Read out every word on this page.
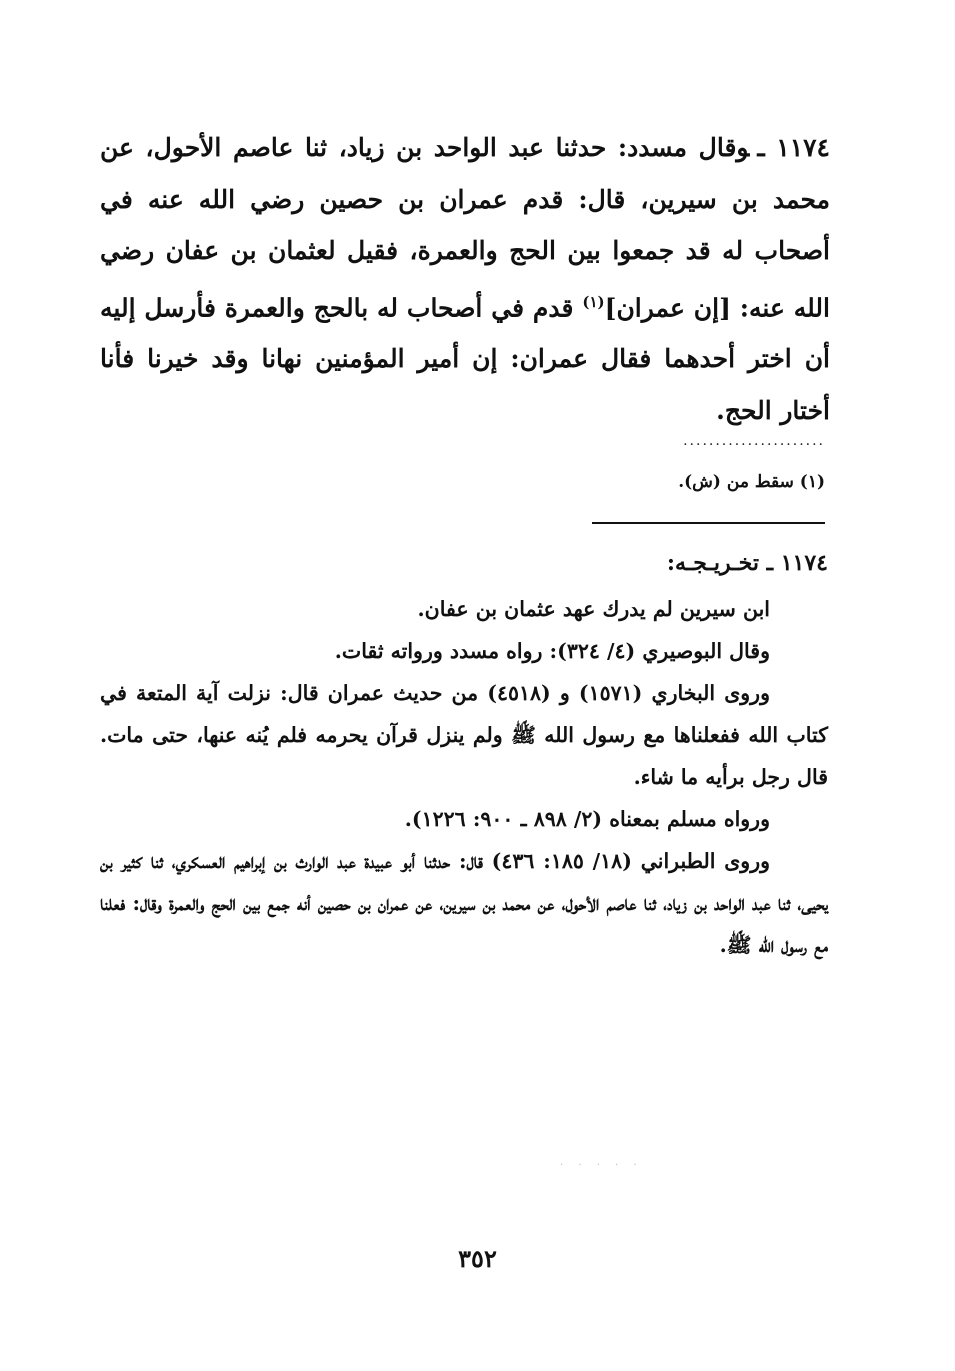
١١٧٤ ـوقال مسدد: حدثنا عبد الواحد بن زياد، ثنا عاصم الأحول، عن محمد بن سيرين، قال: قدم عمران بن حصين رضي الله عنه في أصحاب له قد جمعوا بين الحج والعمرة، فقيل لعثمان بن عفان رضي الله عنه: [إن عمران]$^{(١)}$ قدم في أصحاب له بالحج والعمرة فأرسل إليه أن اختر أحدهما فقال عمران: إن أمير المؤمنين نهانا وقد خيرنا فأنا أختار الحج.

......................
(١) سقط من (ش).
١١٧٤ ـ تخـريـجـه:

ابن سيرين لم يدرك عهد عثمان بن عفان.

وقال البوصيري (٤/ ٣٢٤): رواه مسدد ورواته ثقات.

وروى البخاري (١٥٧١) و (٤٥١٨) من حديث عمران قال: نزلت آية المتعة في كتاب الله ففعلناها مع رسول الله ﷺ ولم ينزل قرآن يحرمه فلم يُنه عنها، حتى مات. قال رجل برأيه ما شاء.

ورواه مسلم بمعناه (٢/ ٨٩٨ ـ ٩٠٠: ١٢٢٦).

وروى الطبراني (١٨/ ١٨٥: ٤٣٦) قال: حدثنا أبو عبيدة عبد الوارث بن إبراهيم العسكري، ثنا كثير بن يحيى، ثنا عبد الواحد بن زياد، ثنا عاصم الأحول، عن محمد بن سيرين، عن عمران بن حصين أنه جمع بين الحج والعمرة وقال: فعلنا مع رسول الله ﷺ.

· · · · ·
٣٥٢
